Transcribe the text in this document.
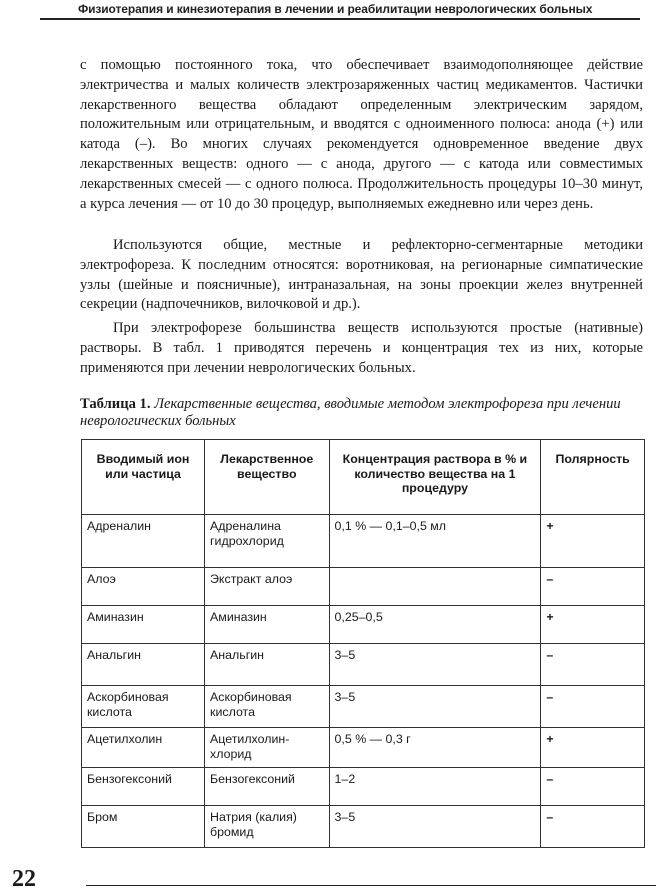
Физиотерапия и кинезиотерапия в лечении и реабилитации неврологических больных
с помощью постоянного тока, что обеспечивает взаимодополняющее действие электричества и малых количеств электрозаряженных частиц медикаментов. Частички лекарственного вещества обладают определенным электрическим зарядом, положительным или отрицательным, и вводятся с одноименного полюса: анода (+) или катода (–). Во многих случаях рекомендуется одновременное введение двух лекарственных веществ: одного — с анода, другого — с катода или совместимых лекарственных смесей — с одного полюса. Продолжительность процедуры 10–30 минут, а курса лечения — от 10 до 30 процедур, выполняемых ежедневно или через день.
Используются общие, местные и рефлекторно-сегментарные методики электрофореза. К последним относятся: воротниковая, на регионарные симпатические узлы (шейные и поясничные), интраназальная, на зоны проекции желез внутренней секреции (надпочечников, вилочковой и др.).
При электрофорезе большинства веществ используются простые (нативные) растворы. В табл. 1 приводятся перечень и концентрация тех из них, которые применяются при лечении неврологических больных.
Таблица 1. Лекарственные вещества, вводимые методом электрофореза при лечении неврологических больных
Вводимый ион или частица	Лекарственное вещество	Концентрация раствора в % и количество вещества на 1 процедуру	Полярность
Адреналин	Адреналина гидрохлорид	0,1 % — 0,1–0,5 мл	+
Алоэ	Экстракт алоэ		–
Аминазин	Аминазин	0,25–0,5	+
Анальгин	Анальгин	3–5	–
Аскорбиновая кислота	Аскорбиновая кислота	3–5	–
Ацетилхолин	Ацетилхолин-хлорид	0,5 % — 0,3 г	+
Бензогексоний	Бензогексоний	1–2	–
Бром	Натрия (калия) бромид	3–5	–
22
